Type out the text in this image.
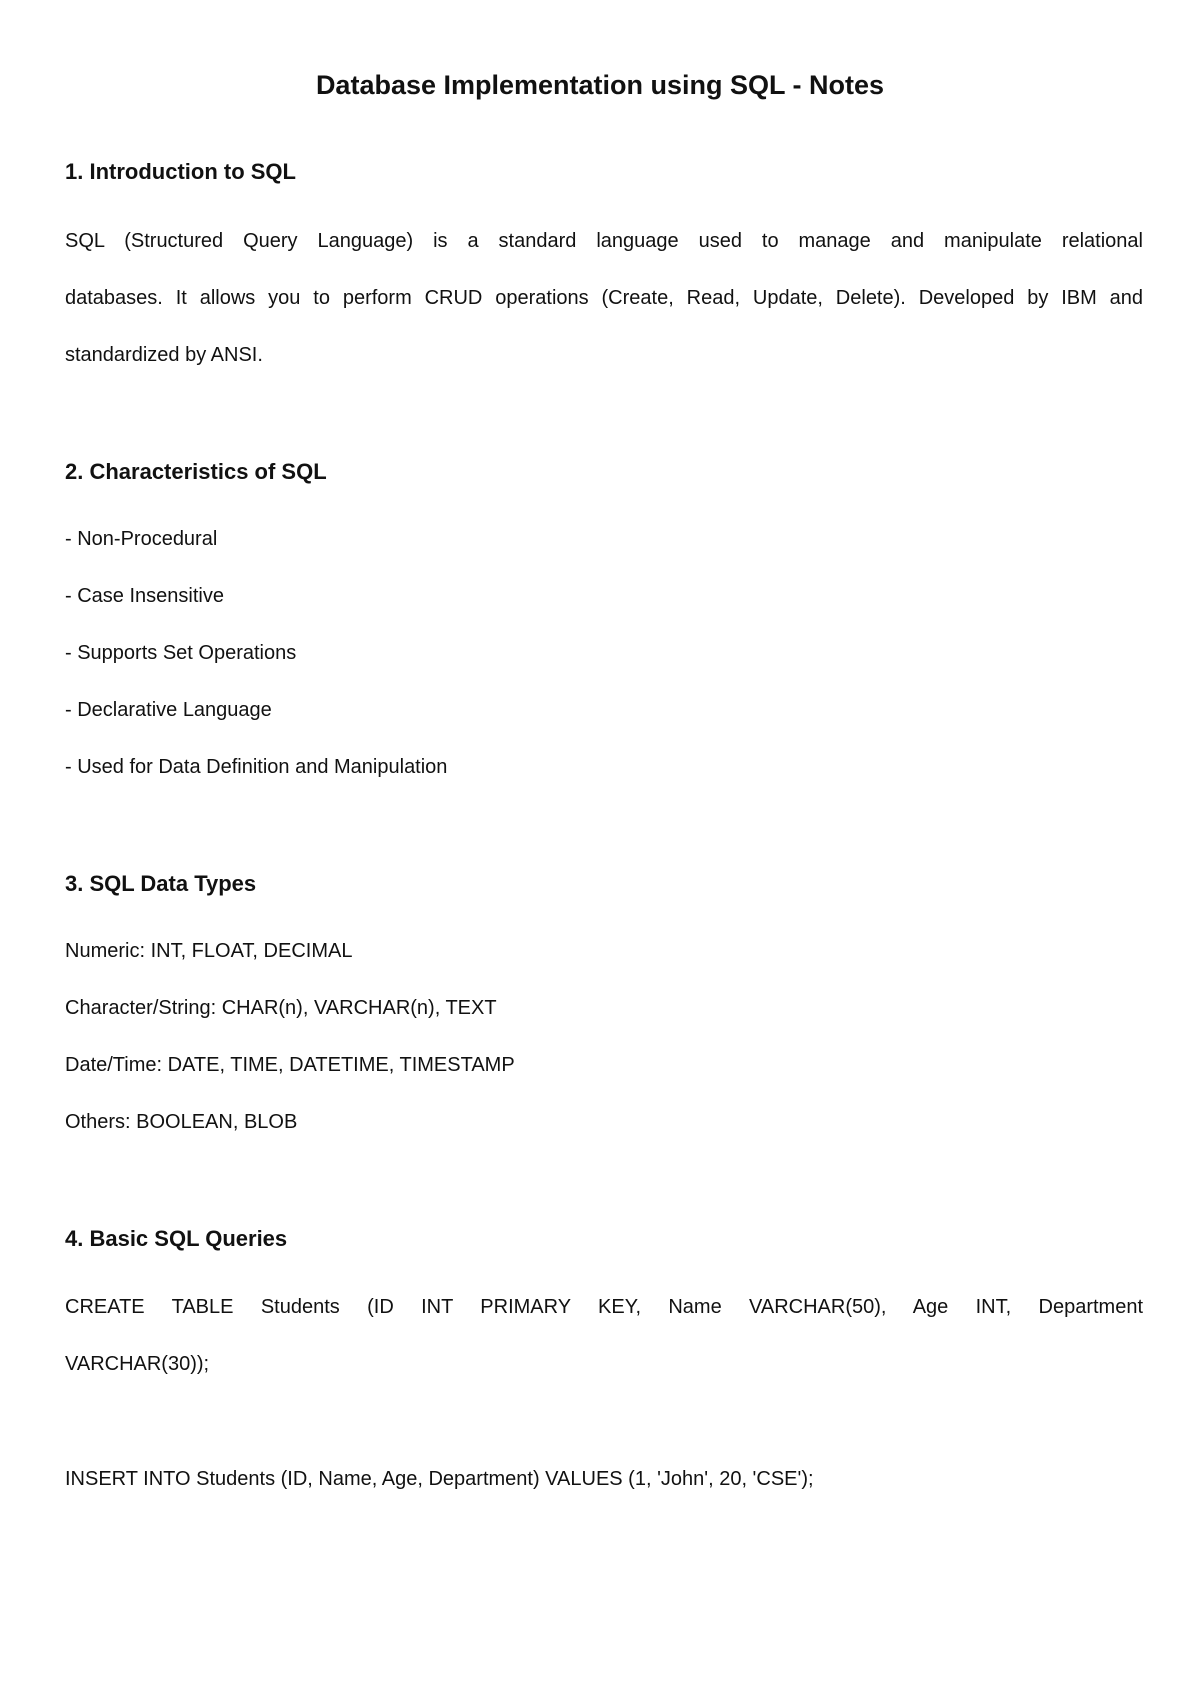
Database Implementation using SQL - Notes
1. Introduction to SQL

SQL (Structured Query Language) is a standard language used to manage and manipulate relational

databases. It allows you to perform CRUD operations (Create, Read, Update, Delete). Developed by IBM and

standardized by ANSI.

2. Characteristics of SQL

- Non-Procedural

- Case Insensitive

- Supports Set Operations

- Declarative Language

- Used for Data Definition and Manipulation

3. SQL Data Types

Numeric: INT, FLOAT, DECIMAL

Character/String: CHAR(n), VARCHAR(n), TEXT

Date/Time: DATE, TIME, DATETIME, TIMESTAMP

Others: BOOLEAN, BLOB

4. Basic SQL Queries

CREATE TABLE Students (ID INT PRIMARY KEY, Name VARCHAR(50), Age INT, Department

VARCHAR(30));

INSERT INTO Students (ID, Name, Age, Department) VALUES (1, 'John', 20, 'CSE');
